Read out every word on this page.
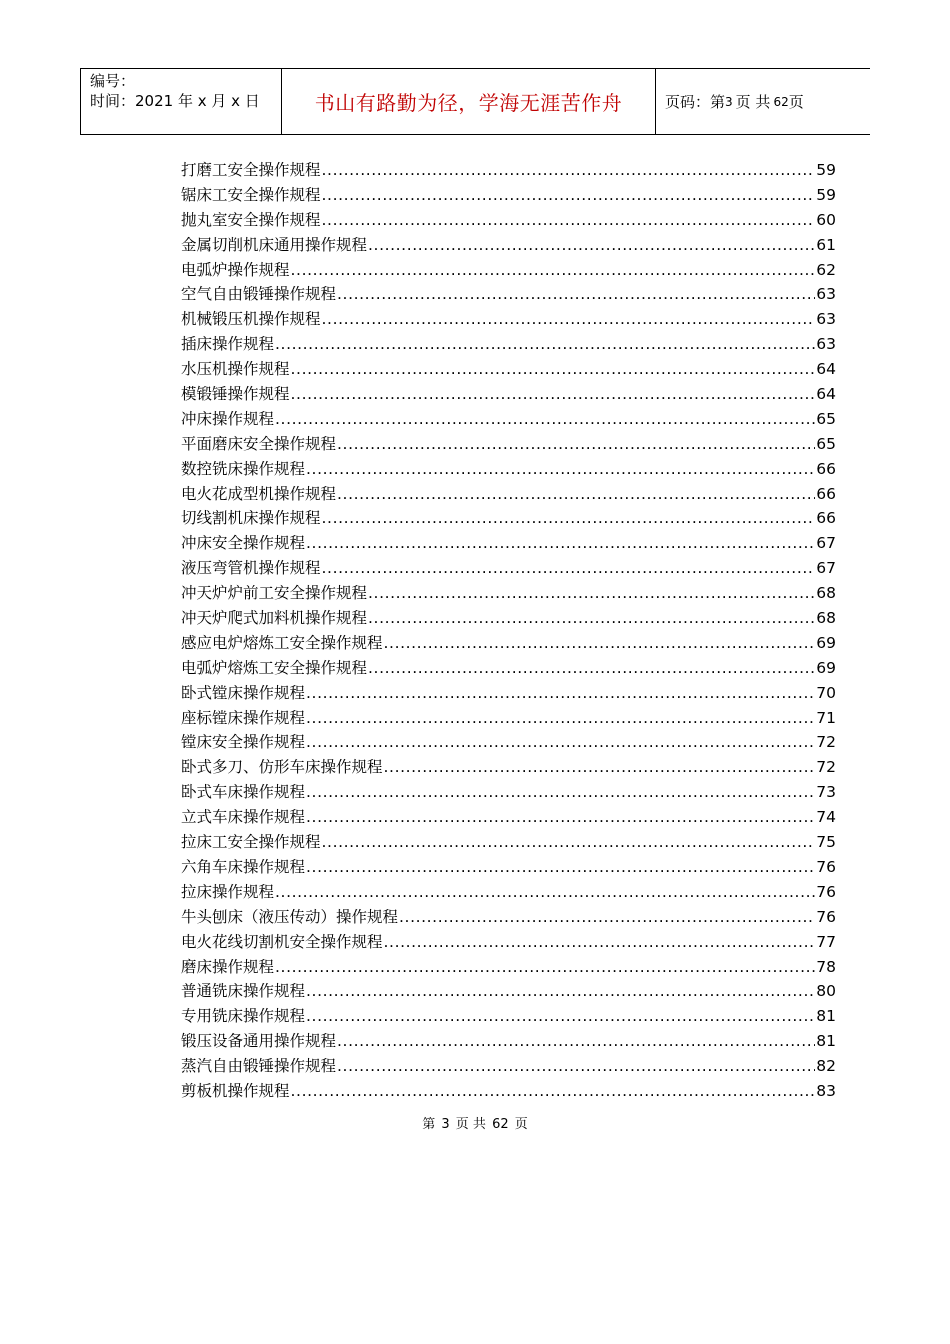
编号：
时间：2021 年 x 月 x 日	书山有路勤为径，学海无涯苦作舟	页码：第 3 页 共 62 页
打磨工安全操作规程 .....	59
锯床工安全操作规程 .....	59
抛丸室安全操作规程 .....	60
金属切削机床通用操作规程 .....	61
电弧炉操作规程 .....	62
空气自由锻锤操作规程 .....	63
机械锻压机操作规程 .....	63
插床操作规程 .....	63
水压机操作规程 .....	64
模锻锤操作规程 .....	64
冲床操作规程 .....	65
平面磨床安全操作规程 .....	65
数控铣床操作规程 .....	66
电火花成型机操作规程 .....	66
切线割机床操作规程 .....	66
冲床安全操作规程 .....	67
液压弯管机操作规程 .....	67
冲天炉炉前工安全操作规程 .....	68
冲天炉爬式加料机操作规程 .....	68
感应电炉熔炼工安全操作规程 .....	69
电弧炉熔炼工安全操作规程 .....	69
卧式镗床操作规程 .....	70
座标镗床操作规程 .....	71
镗床安全操作规程 .....	72
卧式多刀、仿形车床操作规程 .....	72
卧式车床操作规程 .....	73
立式车床操作规程 .....	74
拉床工安全操作规程 .....	75
六角车床操作规程 .....	76
拉床操作规程 .....	76
牛头刨床（液压传动）操作规程 .....	76
电火花线切割机安全操作规程 .....	77
磨床操作规程 .....	78
普通铣床操作规程 .....	80
专用铣床操作规程 .....	81
锻压设备通用操作规程 .....	81
蒸汽自由锻锤操作规程 .....	82
剪板机操作规程 .....	83
第 3 页 共 62 页
